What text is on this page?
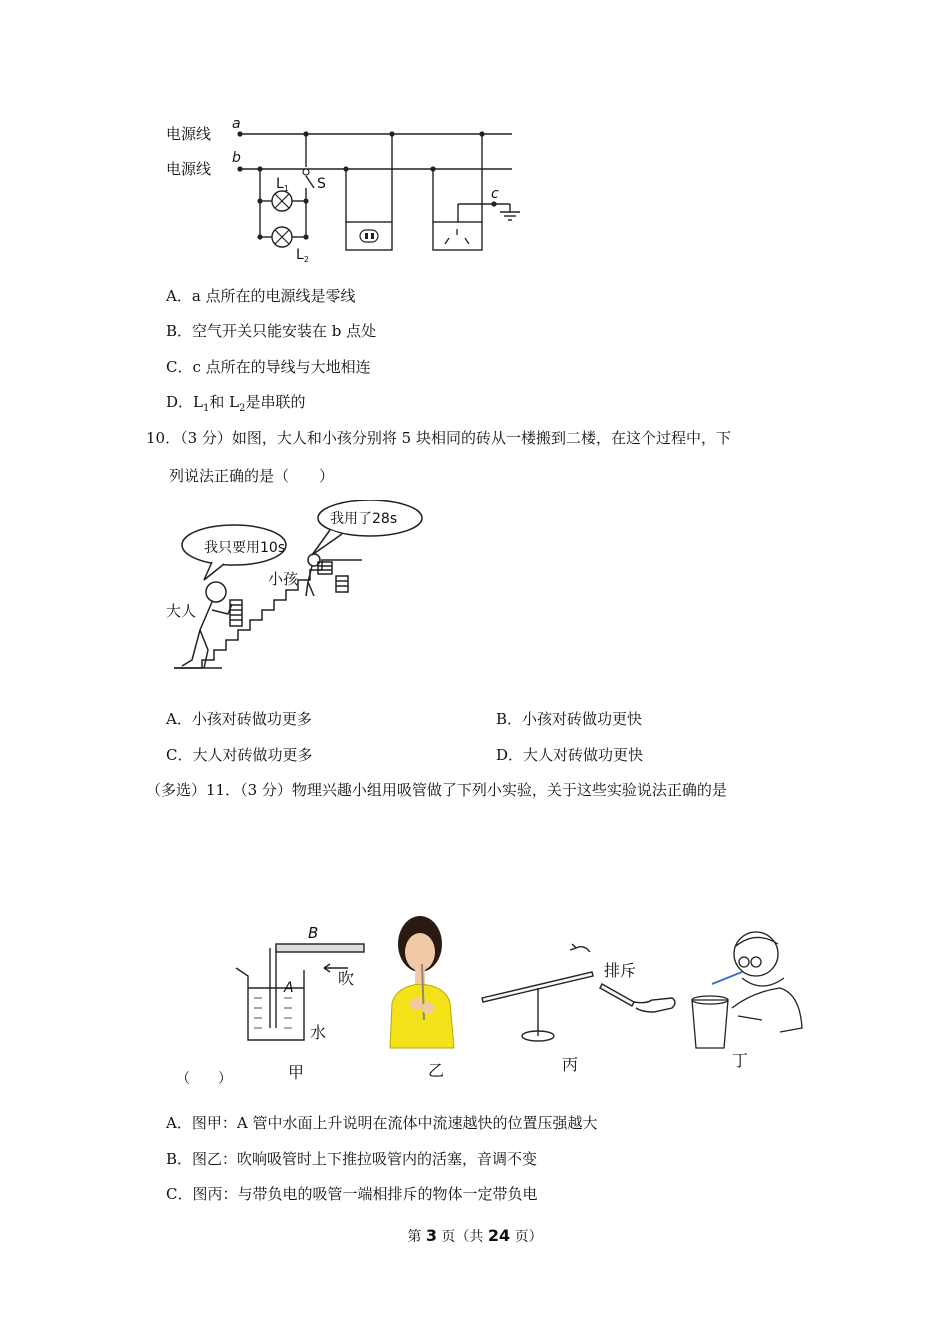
电源线
电源线
a
b
c
$L_1$
$L_2$
S
A．a 点所在的电源线是零线
B．空气开关只能安装在 b 点处
C．c 点所在的导线与大地相连
D．$L_1$和 $L_2$是串联的
10．（3 分）如图，大人和小孩分别将 5 块相同的砖从一楼搬到二楼，在这个过程中，下
列说法正确的是（　　）
我只要用10s
我用了28s
大人
小孩
A．小孩对砖做功更多	B．小孩对砖做功更快
C．大人对砖做功更多	D．大人对砖做功更快
（多选）11．（3 分）物理兴趣小组用吸管做了下列小实验，关于这些实验说法正确的是
B
A	吹
水
排斥
甲	乙	丙	丁
（　　）
A．图甲：A 管中水面上升说明在流体中流速越快的位置压强越大
B．图乙：吹响吸管时上下推拉吸管内的活塞，音调不变
C．图丙：与带负电的吸管一端相排斥的物体一定带负电
第 3 页（共 24 页）
